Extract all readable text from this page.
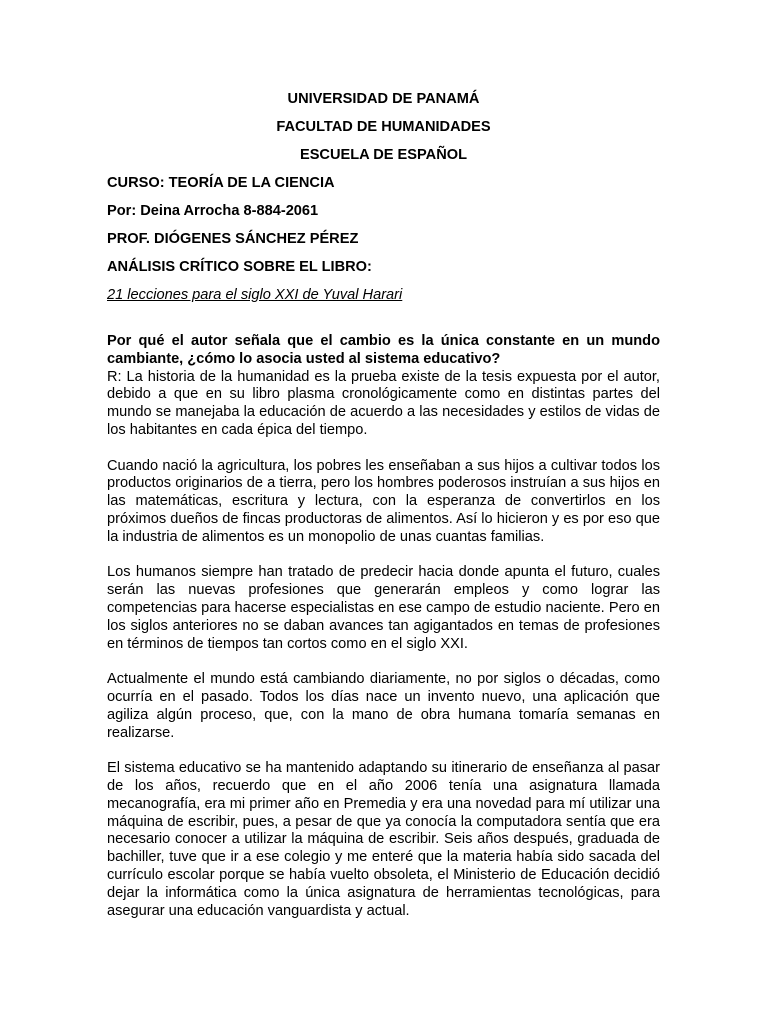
UNIVERSIDAD DE PANAMÁ

FACULTAD DE HUMANIDADES

ESCUELA DE ESPAÑOL

CURSO: TEORÍA DE LA CIENCIA

Por: Deina Arrocha 8-884-2061

PROF. DIÓGENES SÁNCHEZ PÉREZ

ANÁLISIS CRÍTICO SOBRE EL LIBRO:

21 lecciones para el siglo XXI de Yuval Harari

Por qué el autor señala que el cambio es la única constante en un mundo cambiante, ¿cómo lo asocia usted al sistema educativo?

R: La historia de la humanidad es la prueba existe de la tesis expuesta por el autor, debido a que en su libro plasma cronológicamente como en distintas partes del mundo se manejaba la educación de acuerdo a las necesidades y estilos de vidas de los habitantes en cada épica del tiempo.

Cuando nació la agricultura, los pobres les enseñaban a sus hijos a cultivar todos los productos originarios de a tierra, pero los hombres poderosos instruían a sus hijos en las matemáticas, escritura y lectura, con la esperanza de convertirlos en los próximos dueños de fincas productoras de alimentos. Así lo hicieron y es por eso que la industria de alimentos es un monopolio de unas cuantas familias.

Los humanos siempre han tratado de predecir hacia donde apunta el futuro, cuales serán las nuevas profesiones que generarán empleos y como lograr las competencias para hacerse especialistas en ese campo de estudio naciente. Pero en los siglos anteriores no se daban avances tan agigantados en temas de profesiones en términos de tiempos tan cortos como en el siglo XXI.

Actualmente el mundo está cambiando diariamente, no por siglos o décadas, como ocurría en el pasado. Todos los días nace un invento nuevo, una aplicación que agiliza algún proceso, que, con la mano de obra humana tomaría semanas en realizarse.

El sistema educativo se ha mantenido adaptando su itinerario de enseñanza al pasar de los años, recuerdo que en el año 2006 tenía una asignatura llamada mecanografía, era mi primer año en Premedia y era una novedad para mí utilizar una máquina de escribir, pues, a pesar de que ya conocía la computadora sentía que era necesario conocer a utilizar la máquina de escribir. Seis años después, graduada de bachiller, tuve que ir a ese colegio y me enteré que la materia había sido sacada del currículo escolar porque se había vuelto obsoleta, el Ministerio de Educación decidió dejar la informática como la única asignatura de herramientas tecnológicas, para asegurar una educación vanguardista y actual.
